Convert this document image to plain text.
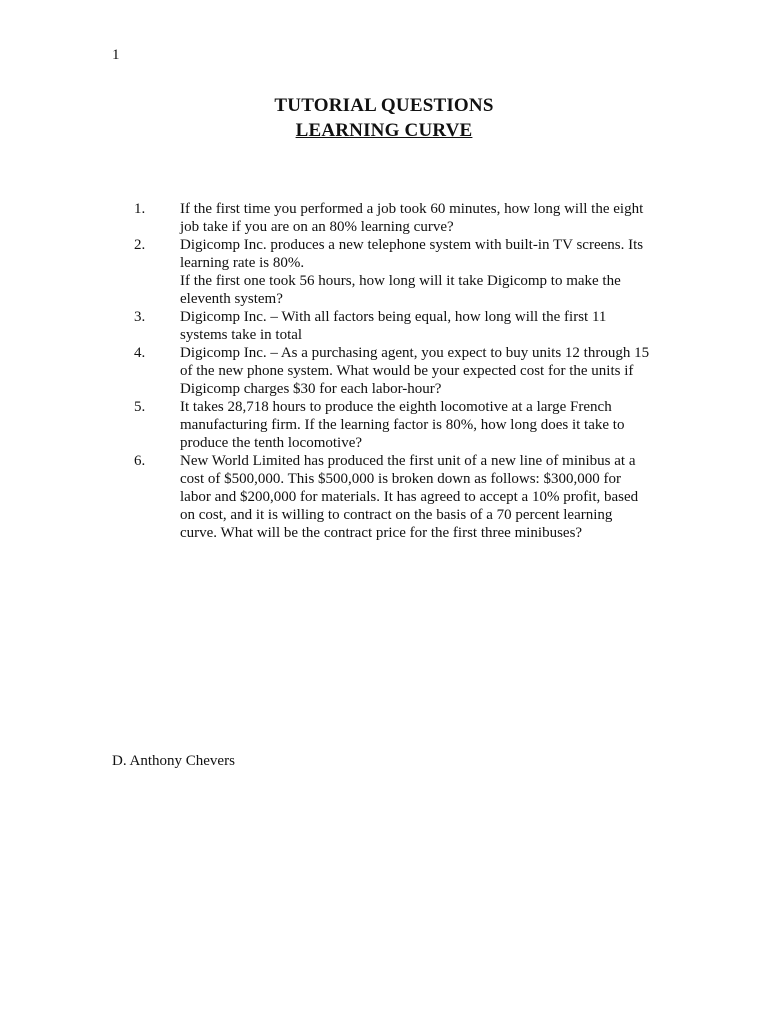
1
TUTORIAL QUESTIONS
LEARNING CURVE
1.	If the first time you performed a job took 60 minutes, how long will the eight
job take if you are on an 80% learning curve?
2.	Digicomp Inc. produces a new telephone system with built-in TV screens. Its
learning rate is 80%.
If the first one took 56 hours, how long will it take Digicomp to make the
eleventh system?
3.	Digicomp Inc. – With all factors being equal, how long will the first 11
systems take in total
4.	Digicomp Inc. – As a purchasing agent, you expect to buy units 12 through 15
of the new phone system. What would be your expected cost for the units if
Digicomp charges $30 for each labor-hour?
5.	It takes 28,718 hours to produce the eighth locomotive at a large French
manufacturing firm. If the learning factor is 80%, how long does it take to
produce the tenth locomotive?
6.	New World Limited has produced the first unit of a new line of minibus at a
cost of $500,000. This $500,000 is broken down as follows: $300,000 for
labor and $200,000 for materials. It has agreed to accept a 10% profit, based
on cost, and it is willing to contract on the basis of a 70 percent learning
curve. What will be the contract price for the first three minibuses?
D. Anthony Chevers
